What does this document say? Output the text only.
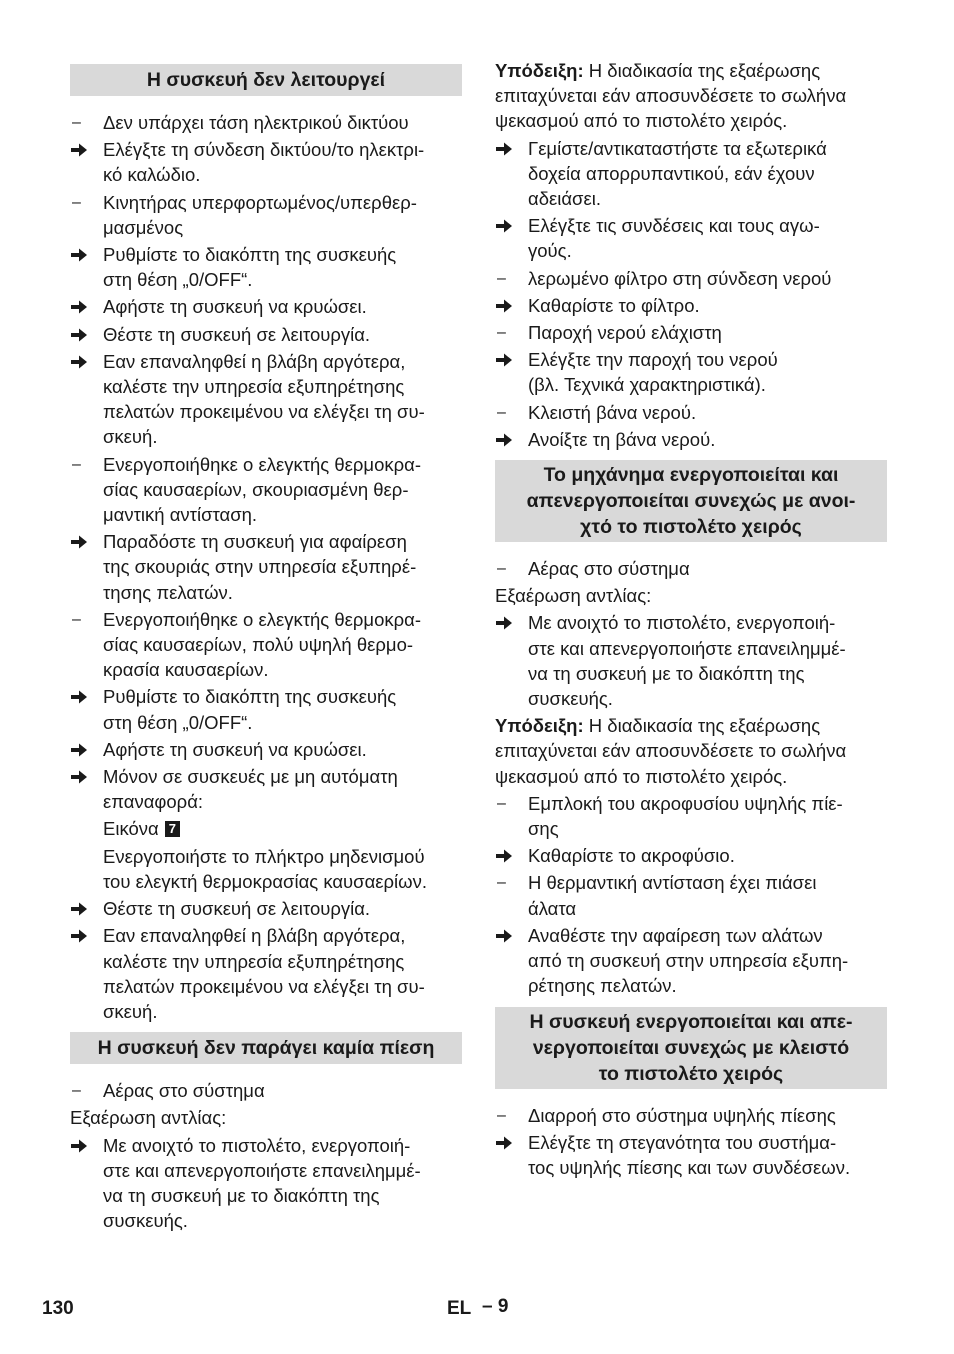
Η συσκευή δεν λειτουργεί
–	Δεν υπάρχει τάση ηλεκτρικού δικτύου
Ελέγξτε τη σύνδεση δικτύου/το ηλεκτρι-
κό καλώδιο.
–	Κινητήρας υπερφορτωμένος/υπερθερ-
μασμένος
Ρυθμίστε το διακόπτη της συσκευής
στη θέση „0/OFF“.
Αφήστε τη συσκευή να κρυώσει.
Θέστε τη συσκευή σε λειτουργία.
Εαν επαναληφθεί η βλάβη αργότερα,
καλέστε την υπηρεσία εξυπηρέτησης
πελατών προκειμένου να ελέγξει τη συ-
σκευή.
–	Ενεργοποιήθηκε ο ελεγκτής θερμοκρα-
σίας καυσαερίων, σκουριασμένη θερ-
μαντική αντίσταση.
Παραδόστε τη συσκευή για αφαίρεση
της σκουριάς στην υπηρεσία εξυπηρέ-
τησης πελατών.
–	Ενεργοποιήθηκε ο ελεγκτής θερμοκρα-
σίας καυσαερίων, πολύ υψηλή θερμο-
κρασία καυσαερίων.
Ρυθμίστε το διακόπτη της συσκευής
στη θέση „0/OFF“.
Αφήστε τη συσκευή να κρυώσει.
Μόνον σε συσκευές με μη αυτόματη
επαναφορά:
Εικόνα 7
Ενεργοποιήστε το πλήκτρο μηδενισμού
του ελεγκτή θερμοκρασίας καυσαερίων.
Θέστε τη συσκευή σε λειτουργία.
Εαν επαναληφθεί η βλάβη αργότερα,
καλέστε την υπηρεσία εξυπηρέτησης
πελατών προκειμένου να ελέγξει τη συ-
σκευή.
Η συσκευή δεν παράγει καμία πίεση
–	Αέρας στο σύστημα
Εξαέρωση αντλίας:
Με ανοιχτό το πιστολέτο, ενεργοποιή-
στε και απενεργοποιήστε επανειλημμέ-
να τη συσκευή με το διακόπτη της
συσκευής.
Υπόδειξη: Η διαδικασία της εξαέρωσης
επιταχύνεται εάν αποσυνδέσετε το σωλήνα
ψεκασμού από το πιστολέτο χειρός.
Γεμίστε/αντικαταστήστε τα εξωτερικά
δοχεία απορρυπαντικού, εάν έχουν
αδειάσει.
Ελέγξτε τις συνδέσεις και τους αγω-
γούς.
–	λερωμένο φίλτρο στη σύνδεση νερού
Καθαρίστε το φίλτρο.
–	Παροχή νερού ελάχιστη
Ελέγξτε την παροχή του νερού
(βλ. Τεχνικά χαρακτηριστικά).
–	Κλειστή βάνα νερού.
Ανοίξτε τη βάνα νερού.
Το μηχάνημα ενεργοποιείται και
απενεργοποιείται συνεχώς με ανοι-
χτό το πιστολέτο χειρός
–	Αέρας στο σύστημα
Εξαέρωση αντλίας:
Με ανοιχτό το πιστολέτο, ενεργοποιή-
στε και απενεργοποιήστε επανειλημμέ-
να τη συσκευή με το διακόπτη της
συσκευής.
Υπόδειξη: Η διαδικασία της εξαέρωσης
επιταχύνεται εάν αποσυνδέσετε το σωλήνα
ψεκασμού από το πιστολέτο χειρός.
–	Εμπλοκή του ακροφυσίου υψηλής πίε-
σης
Καθαρίστε το ακροφύσιο.
–	Η θερμαντική αντίσταση έχει πιάσει
άλατα
Αναθέστε την αφαίρεση των αλάτων
από τη συσκευή στην υπηρεσία εξυπη-
ρέτησης πελατών.
Η συσκευή ενεργοποιείται και απε-
νεργοποιείται συνεχώς με κλειστό
το πιστολέτο χειρός
–	Διαρροή στο σύστημα υψηλής πίεσης
Ελέγξτε τη στεγανότητα του συστήμα-
τος υψηλής πίεσης και των συνδέσεων.
130	EL – 9
